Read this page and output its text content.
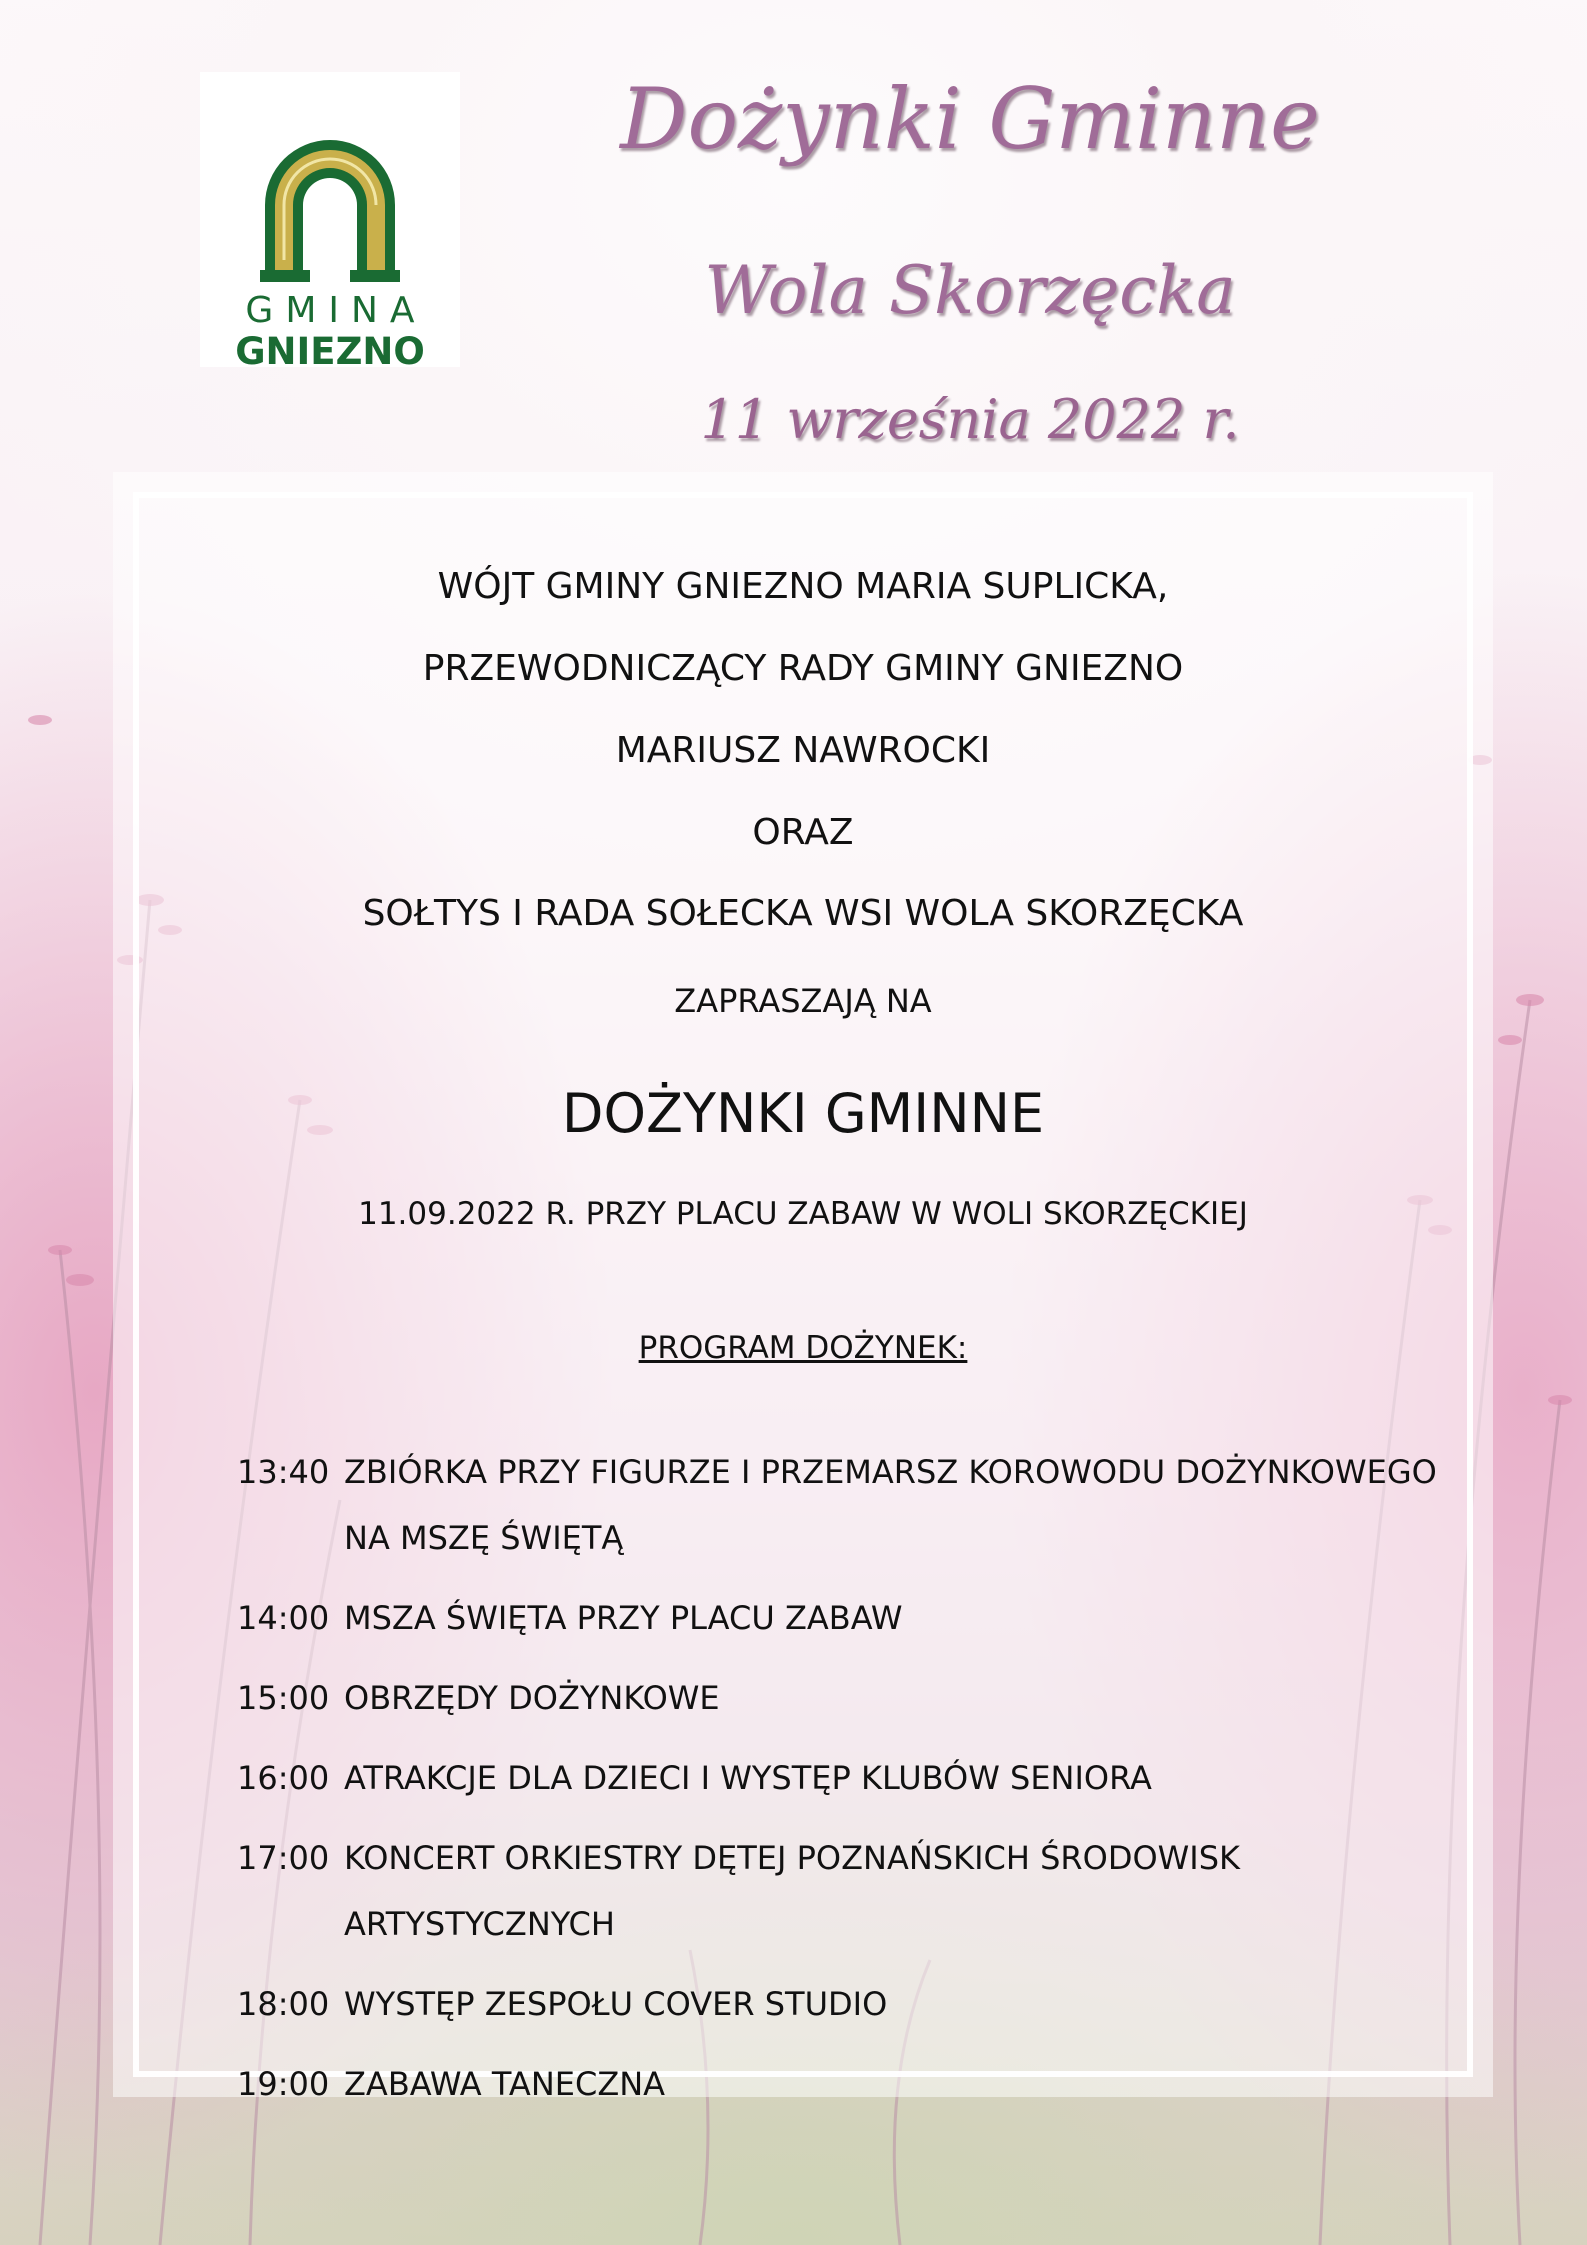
GMINA
GNIEZNO
Dożynki Gminne
Wola Skorzęcka
11 września 2022 r.
WÓJT GMINY GNIEZNO MARIA SUPLICKA,
PRZEWODNICZĄCY RADY GMINY GNIEZNO
MARIUSZ NAWROCKI
ORAZ
SOŁTYS I RADA SOŁECKA WSI WOLA SKORZĘCKA
ZAPRASZAJĄ NA
DOŻYNKI GMINNE
11.09.2022 R. PRZY PLACU ZABAW W WOLI SKORZĘCKIEJ
PROGRAM DOŻYNEK:
13:40 ZBIÓRKA PRZY FIGURZE I PRZEMARSZ KOROWODU DOŻYNKOWEGO NA MSZĘ ŚWIĘTĄ
14:00 MSZA ŚWIĘTA PRZY PLACU ZABAW
15:00 OBRZĘDY DOŻYNKOWE
16:00 ATRAKCJE DLA DZIECI I WYSTĘP KLUBÓW SENIORA
17:00 KONCERT ORKIESTRY DĘTEJ POZNAŃSKICH ŚRODOWISK ARTYSTYCZNYCH
18:00 WYSTĘP ZESPOŁU COVER STUDIO
19:00 ZABAWA TANECZNA
